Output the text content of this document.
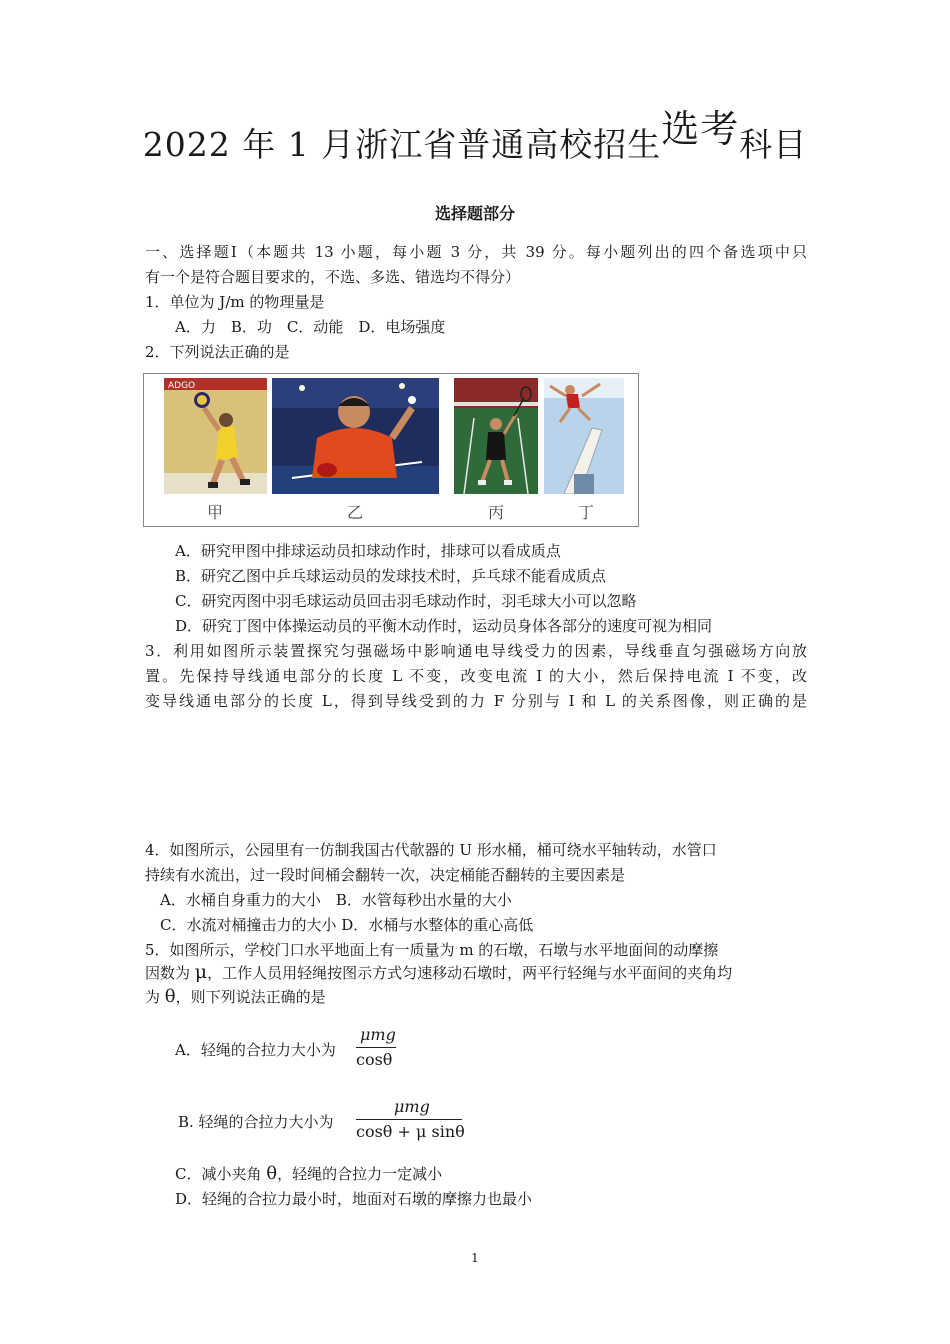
2022 年 1 月浙江省普通高校招生选考科目
选择题部分
一、选择题Ⅰ（本题共 13 小题，每小题 3 分，共 39 分。每小题列出的四个备选项中只
有一个是符合题目要求的，不选、多选、错选均不得分）
1．单位为 J/m 的物理量是
A．力　B．功　C．动能　D．电场强度
2．下列说法正确的是
ADGO
甲	乙	丙	丁
A．研究甲图中排球运动员扣球动作时，排球可以看成质点
B．研究乙图中乒乓球运动员的发球技术时，乒乓球不能看成质点
C．研究丙图中羽毛球运动员回击羽毛球动作时，羽毛球大小可以忽略
D．研究丁图中体操运动员的平衡木动作时，运动员身体各部分的速度可视为相同
3．利用如图所示装置探究匀强磁场中影响通电导线受力的因素，导线垂直匀强磁场方向放
置。先保持导线通电部分的长度 L 不变，改变电流 I 的大小，然后保持电流 I 不变，改
变导线通电部分的长度 L，得到导线受到的力 F 分别与 I 和 L 的关系图像，则正确的是
4．如图所示，公园里有一仿制我国古代欹器的 U 形水桶，桶可绕水平轴转动，水管口
持续有水流出，过一段时间桶会翻转一次，决定桶能否翻转的主要因素是
A．水桶自身重力的大小　B．水管每秒出水量的大小
C．水流对桶撞击力的大小 D．水桶与水整体的重心高低
5．如图所示，学校门口水平地面上有一质量为 m 的石墩，石墩与水平地面间的动摩擦
因数为 μ，工作人员用轻绳按图示方式匀速移动石墩时，两平行轻绳与水平面间的夹角均
为 θ，则下列说法正确的是
A．轻绳的合拉力大小为
μmg
cosθ
B. 轻绳的合拉力大小为
μmg
cosθ + μ sinθ
C．减小夹角 θ，轻绳的合拉力一定减小
D．轻绳的合拉力最小时，地面对石墩的摩擦力也最小
1
